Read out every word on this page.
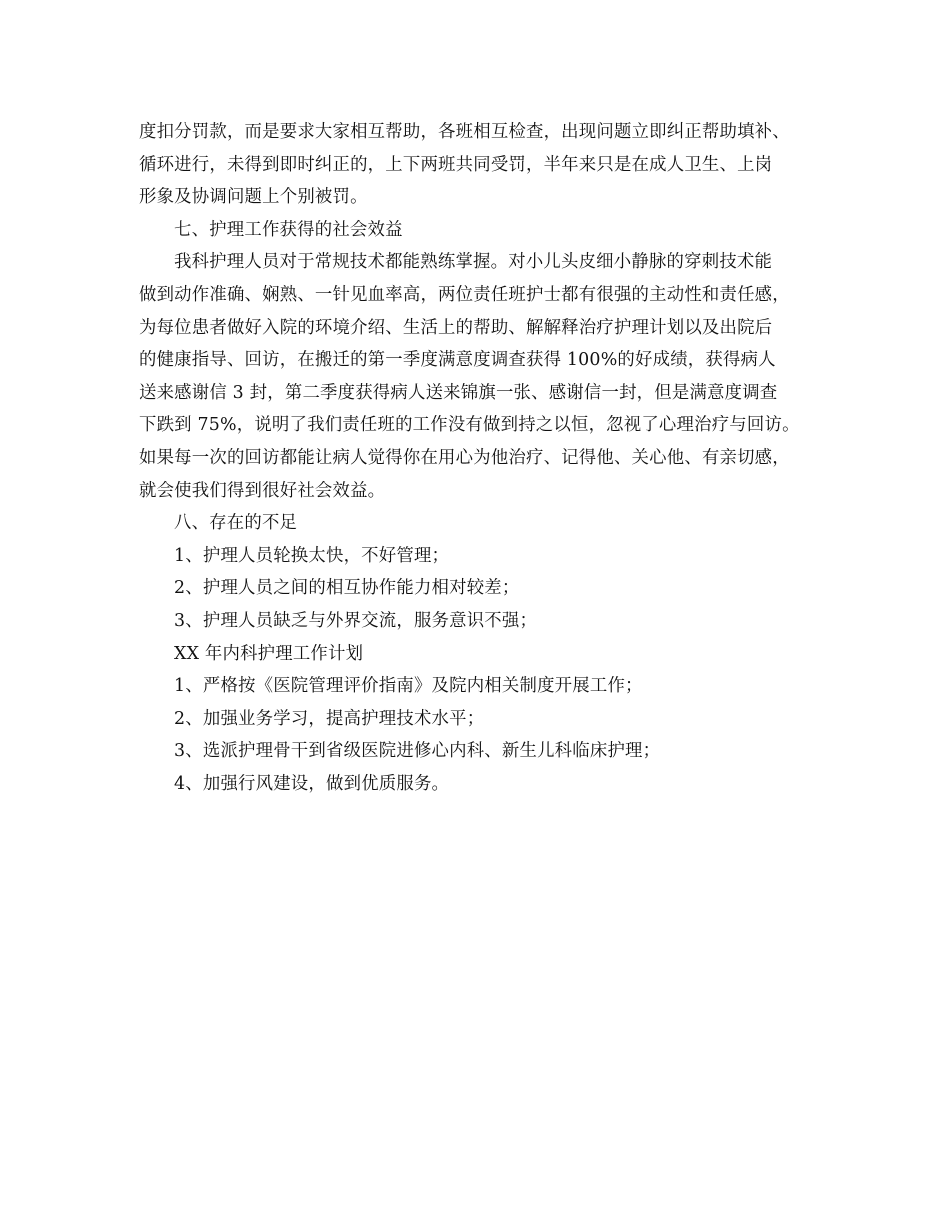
度扣分罚款，而是要求大家相互帮助，各班相互检查，出现问题立即纠正帮助填补、
循环进行，未得到即时纠正的，上下两班共同受罚，半年来只是在成人卫生、上岗
形象及协调问题上个别被罚。

七、护理工作获得的社会效益

我科护理人员对于常规技术都能熟练掌握。对小儿头皮细小静脉的穿刺技术能
做到动作准确、娴熟、一针见血率高，两位责任班护士都有很强的主动性和责任感，
为每位患者做好入院的环境介绍、生活上的帮助、解解释治疗护理计划以及出院后
的健康指导、回访，在搬迁的第一季度满意度调查获得 100%的好成绩，获得病人
送来感谢信 3 封，第二季度获得病人送来锦旗一张、感谢信一封，但是满意度调查
下跌到 75%，说明了我们责任班的工作没有做到持之以恒，忽视了心理治疗与回访。
如果每一次的回访都能让病人觉得你在用心为他治疗、记得他、关心他、有亲切感，
就会使我们得到很好社会效益。

八、存在的不足

1、护理人员轮换太快，不好管理；

2、护理人员之间的相互协作能力相对较差；

3、护理人员缺乏与外界交流，服务意识不强；

XX 年内科护理工作计划

1、严格按《医院管理评价指南》及院内相关制度开展工作；

2、加强业务学习，提高护理技术水平；

3、选派护理骨干到省级医院进修心内科、新生儿科临床护理；

4、加强行风建设，做到优质服务。
